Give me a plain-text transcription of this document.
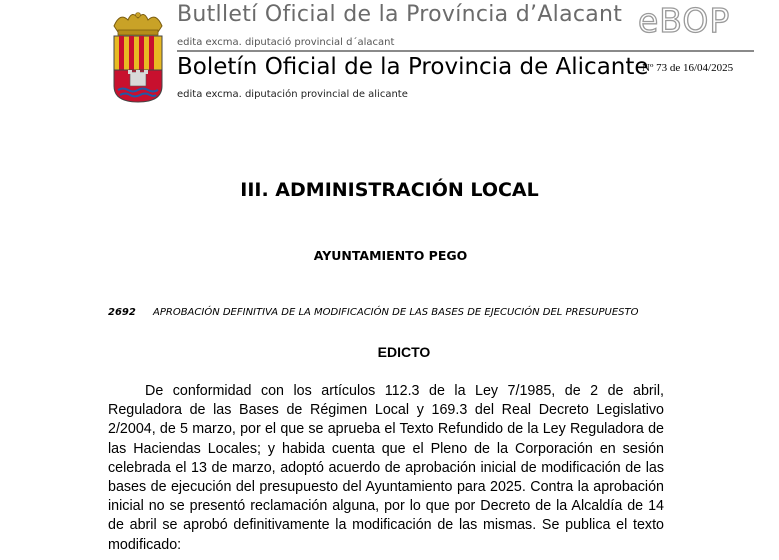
Butlletí Oficial de la Província d’Alacant
edita excma. diputació provincial d´alacant
Boletín Oficial de la Provincia de Alicante
edita excma. diputación provincial de alicante
eBOP
Nº 73 de 16/04/2025
III. ADMINISTRACIÓN LOCAL
AYUNTAMIENTO PEGO
2692 APROBACIÓN DEFINITIVA DE LA MODIFICACIÓN DE LAS BASES DE EJECUCIÓN DEL PRESUPUESTO
EDICTO

De conformidad con los artículos 112.3 de la Ley 7/1985, de 2 de abril, Reguladora de las Bases de Régimen Local y 169.3 del Real Decreto Legislativo 2/2004, de 5 marzo, por el que se aprueba el Texto Refundido de la Ley Reguladora de las Haciendas Locales; y habida cuenta que el Pleno de la Corporación en sesión celebrada el 13 de marzo, adoptó acuerdo de aprobación inicial de modificación de las bases de ejecución del presupuesto del Ayuntamiento para 2025. Contra la aprobación inicial no se presentó reclamación alguna, por lo que por Decreto de la Alcaldía de 14 de abril se aprobó definitivamente la modificación de las mismas. Se publica el texto modificado:
